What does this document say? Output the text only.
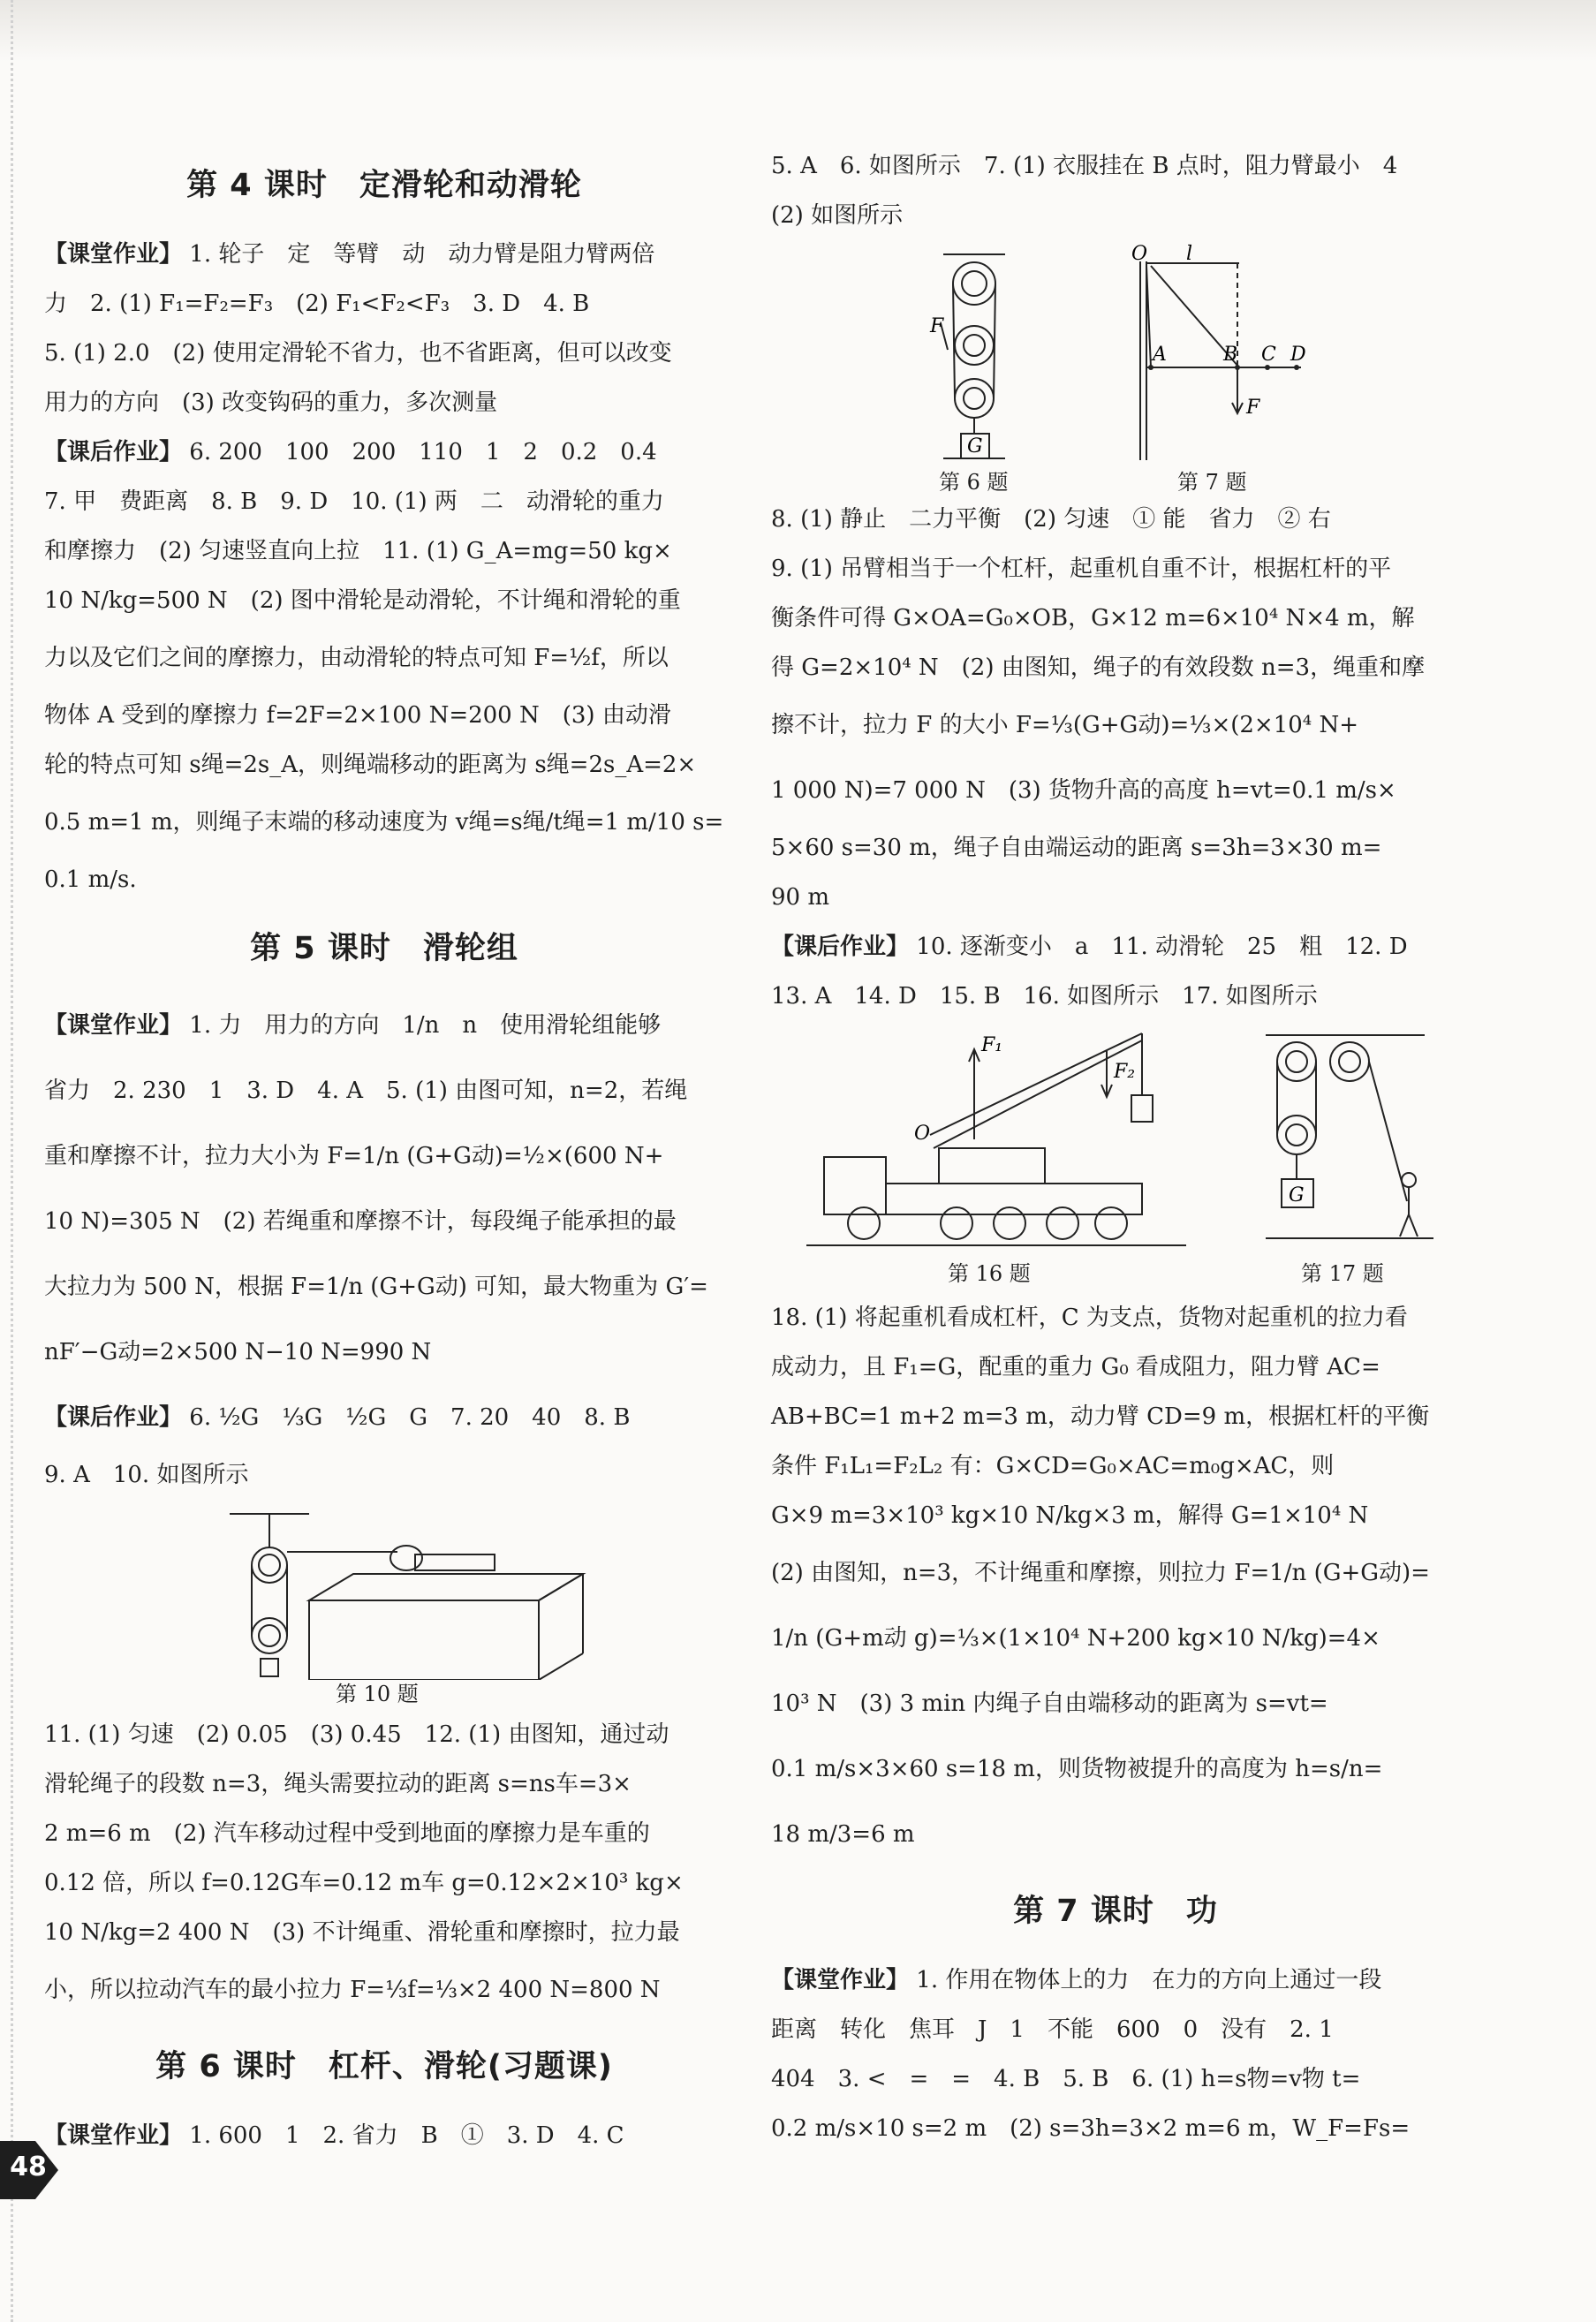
第 4 课时　定滑轮和动滑轮
【课堂作业】 1. 轮子　定　等臂　动　动力臂是阻力臂两倍
力　2. (1) F₁=F₂=F₃　(2) F₁<F₂<F₃　3. D　4. B
5. (1) 2.0　(2) 使用定滑轮不省力，也不省距离，但可以改变
用力的方向　(3) 改变钩码的重力，多次测量
【课后作业】 6. 200　100　200　110　1　2　0.2　0.4
7. 甲　费距离　8. B　9. D　10. (1) 两　二　动滑轮的重力
和摩擦力　(2) 匀速竖直向上拉　11. (1) G_A=mg=50 kg×
10 N/kg=500 N　(2) 图中滑轮是动滑轮，不计绳和滑轮的重
力以及它们之间的摩擦力，由动滑轮的特点可知 F=½f，所以
物体 A 受到的摩擦力 f=2F=2×100 N=200 N　(3) 由动滑
轮的特点可知 s绳=2s_A，则绳端移动的距离为 s绳=2s_A=2×
0.5 m=1 m，则绳子末端的移动速度为 v绳=s绳/t绳=1 m/10 s=
0.1 m/s.
第 5 课时　滑轮组
【课堂作业】 1. 力　用力的方向　1/n　n　使用滑轮组能够
省力　2. 230　1　3. D　4. A　5. (1) 由图可知，n=2，若绳
重和摩擦不计，拉力大小为 F=1/n (G+G动)=½×(600 N+
10 N)=305 N　(2) 若绳重和摩擦不计，每段绳子能承担的最
大拉力为 500 N，根据 F=1/n (G+G动) 可知，最大物重为 G′=
nF′−G动=2×500 N−10 N=990 N
【课后作业】 6. ½G　⅓G　½G　G　7. 20　40　8. B
9. A　10. 如图所示
第 10 题
11. (1) 匀速　(2) 0.05　(3) 0.45　12. (1) 由图知，通过动
滑轮绳子的段数 n=3，绳头需要拉动的距离 s=ns车=3×
2 m=6 m　(2) 汽车移动过程中受到地面的摩擦力是车重的
0.12 倍，所以 f=0.12G车=0.12 m车 g=0.12×2×10³ kg×
10 N/kg=2 400 N　(3) 不计绳重、滑轮重和摩擦时，拉力最
小，所以拉动汽车的最小拉力 F=⅓f=⅓×2 400 N=800 N
第 6 课时　杠杆、滑轮(习题课)
【课堂作业】 1. 600　1　2. 省力　B　①　3. D　4. C
5. A　6. 如图所示　7. (1) 衣服挂在 B 点时，阻力臂最小　4
(2) 如图所示
F
G
O l
A	B C D
F
第 6 题	第 7 题
8. (1) 静止　二力平衡　(2) 匀速　① 能　省力　② 右
9. (1) 吊臂相当于一个杠杆，起重机自重不计，根据杠杆的平
衡条件可得 G×OA=G₀×OB，G×12 m=6×10⁴ N×4 m，解
得 G=2×10⁴ N　(2) 由图知，绳子的有效段数 n=3，绳重和摩
擦不计，拉力 F 的大小 F=⅓(G+G动)=⅓×(2×10⁴ N+
1 000 N)=7 000 N　(3) 货物升高的高度 h=vt=0.1 m/s×
5×60 s=30 m，绳子自由端运动的距离 s=3h=3×30 m=
90 m
【课后作业】 10. 逐渐变小　a　11. 动滑轮　25　粗　12. D
13. A　14. D　15. B　16. 如图所示　17. 如图所示
F₁
F₂
O
G
第 16 题	第 17 题
18. (1) 将起重机看成杠杆，C 为支点，货物对起重机的拉力看
成动力，且 F₁=G，配重的重力 G₀ 看成阻力，阻力臂 AC=
AB+BC=1 m+2 m=3 m，动力臂 CD=9 m，根据杠杆的平衡
条件 F₁L₁=F₂L₂ 有：G×CD=G₀×AC=m₀g×AC，则
G×9 m=3×10³ kg×10 N/kg×3 m，解得 G=1×10⁴ N
(2) 由图知，n=3，不计绳重和摩擦，则拉力 F=1/n (G+G动)=
1/n (G+m动 g)=⅓×(1×10⁴ N+200 kg×10 N/kg)=4×
10³ N　(3) 3 min 内绳子自由端移动的距离为 s=vt=
0.1 m/s×3×60 s=18 m，则货物被提升的高度为 h=s/n=
18 m/3=6 m
第 7 课时　功
【课堂作业】 1. 作用在物体上的力　在力的方向上通过一段
距离　转化　焦耳　J　1　不能　600　0　没有　2. 1
404　3. <　=　=　4. B　5. B　6. (1) h=s物=v物 t=
0.2 m/s×10 s=2 m　(2) s=3h=3×2 m=6 m，W_F=Fs=
48
